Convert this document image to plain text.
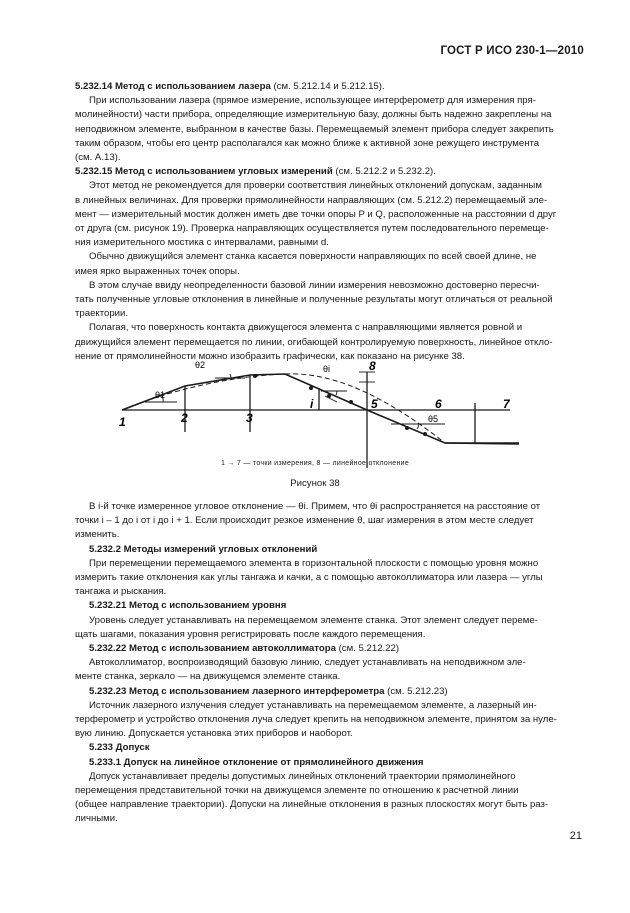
ГОСТ Р ИСО 230-1—2010
5.232.14 Метод с использованием лазера (см. 5.212.14 и 5.212.15).
При использовании лазера (прямое измерение, использующее интерферометр для измерения пря-
молинейности) части прибора, определяющие измерительную базу, должны быть надежно закреплены на
неподвижном элементе, выбранном в качестве базы. Перемещаемый элемент прибора следует закрепить
таким образом, чтобы его центр располагался как можно ближе к активной зоне режущего инструмента
(см. А.13).
5.232.15 Метод с использованием угловых измерений (см. 5.212.2 и 5.232.2).
Этот метод не рекомендуется для проверки соответствия линейных отклонений допускам, заданным
в линейных величинах. Для проверки прямолинейности направляющих (см. 5.212.2) перемещаемый эле-
мент — измерительный мостик должен иметь две точки опоры P и Q, расположенные на расстоянии d друг
от друга (см. рисунок 19). Проверка направляющих осуществляется путем последовательного перемеще-
ния измерительного мостика с интервалами, равными d.
Обычно движущийся элемент станка касается поверхности направляющих по всей своей длине, не
имея ярко выраженных точек опоры.
В этом случае ввиду неопределенности базовой линии измерения невозможно достоверно пересчи-
тать полученные угловые отклонения в линейные и полученные результаты могут отличаться от реальной
траектории.
Полагая, что поверхность контакта движущегося элемента с направляющими является ровной и
движущийся элемент перемещается по линии, огибающей контролируемую поверхность, линейное откло-
нение от прямолинейности можно изобразить графически, как показано на рисунке 38.
1	2	3
i	5	6	7
8
θ1
θ2	θi
θ5
1 → 7 — точки измерения, 8 — линейное отклонение
Рисунок 38
В i-й точке измеренное угловое отклонение — θi. Примем, что θi распространяется на расстояние от
точки i – 1 до i от i до i + 1. Если происходит резкое изменение θ, шаг измерения в этом месте следует
изменить.
5.232.2 Методы измерений угловых отклонений
При перемещении перемещаемого элемента в горизонтальной плоскости с помощью уровня можно
измерить такие отклонения как углы тангажа и качки, а с помощью автоколлиматора или лазера — углы
тангажа и рыскания.
5.232.21 Метод с использованием уровня
Уровень следует устанавливать на перемещаемом элементе станка. Этот элемент следует переме-
щать шагами, показания уровня регистрировать после каждого перемещения.
5.232.22 Метод с использованием автоколлиматора (см. 5.212.22)
Автоколлиматор, воспроизводящий базовую линию, следует устанавливать на неподвижном эле-
менте станка, зеркало — на движущемся элементе станка.
5.232.23 Метод с использованием лазерного интерферометра (см. 5.212.23)
Источник лазерного излучения следует устанавливать на перемещаемом элементе, а лазерный ин-
терферометр и устройство отклонения луча следует крепить на неподвижном элементе, принятом за нуле-
вую линию. Допускается установка этих приборов и наоборот.
5.233 Допуск
5.233.1 Допуск на линейное отклонение от прямолинейного движения
Допуск устанавливает пределы допустимых линейных отклонений траектории прямолинейного
перемещения представительной точки на движущемся элементе по отношению к расчетной линии
(общее направление траектории). Допуски на линейные отклонения в разных плоскостях могут быть раз-
личными.
21
